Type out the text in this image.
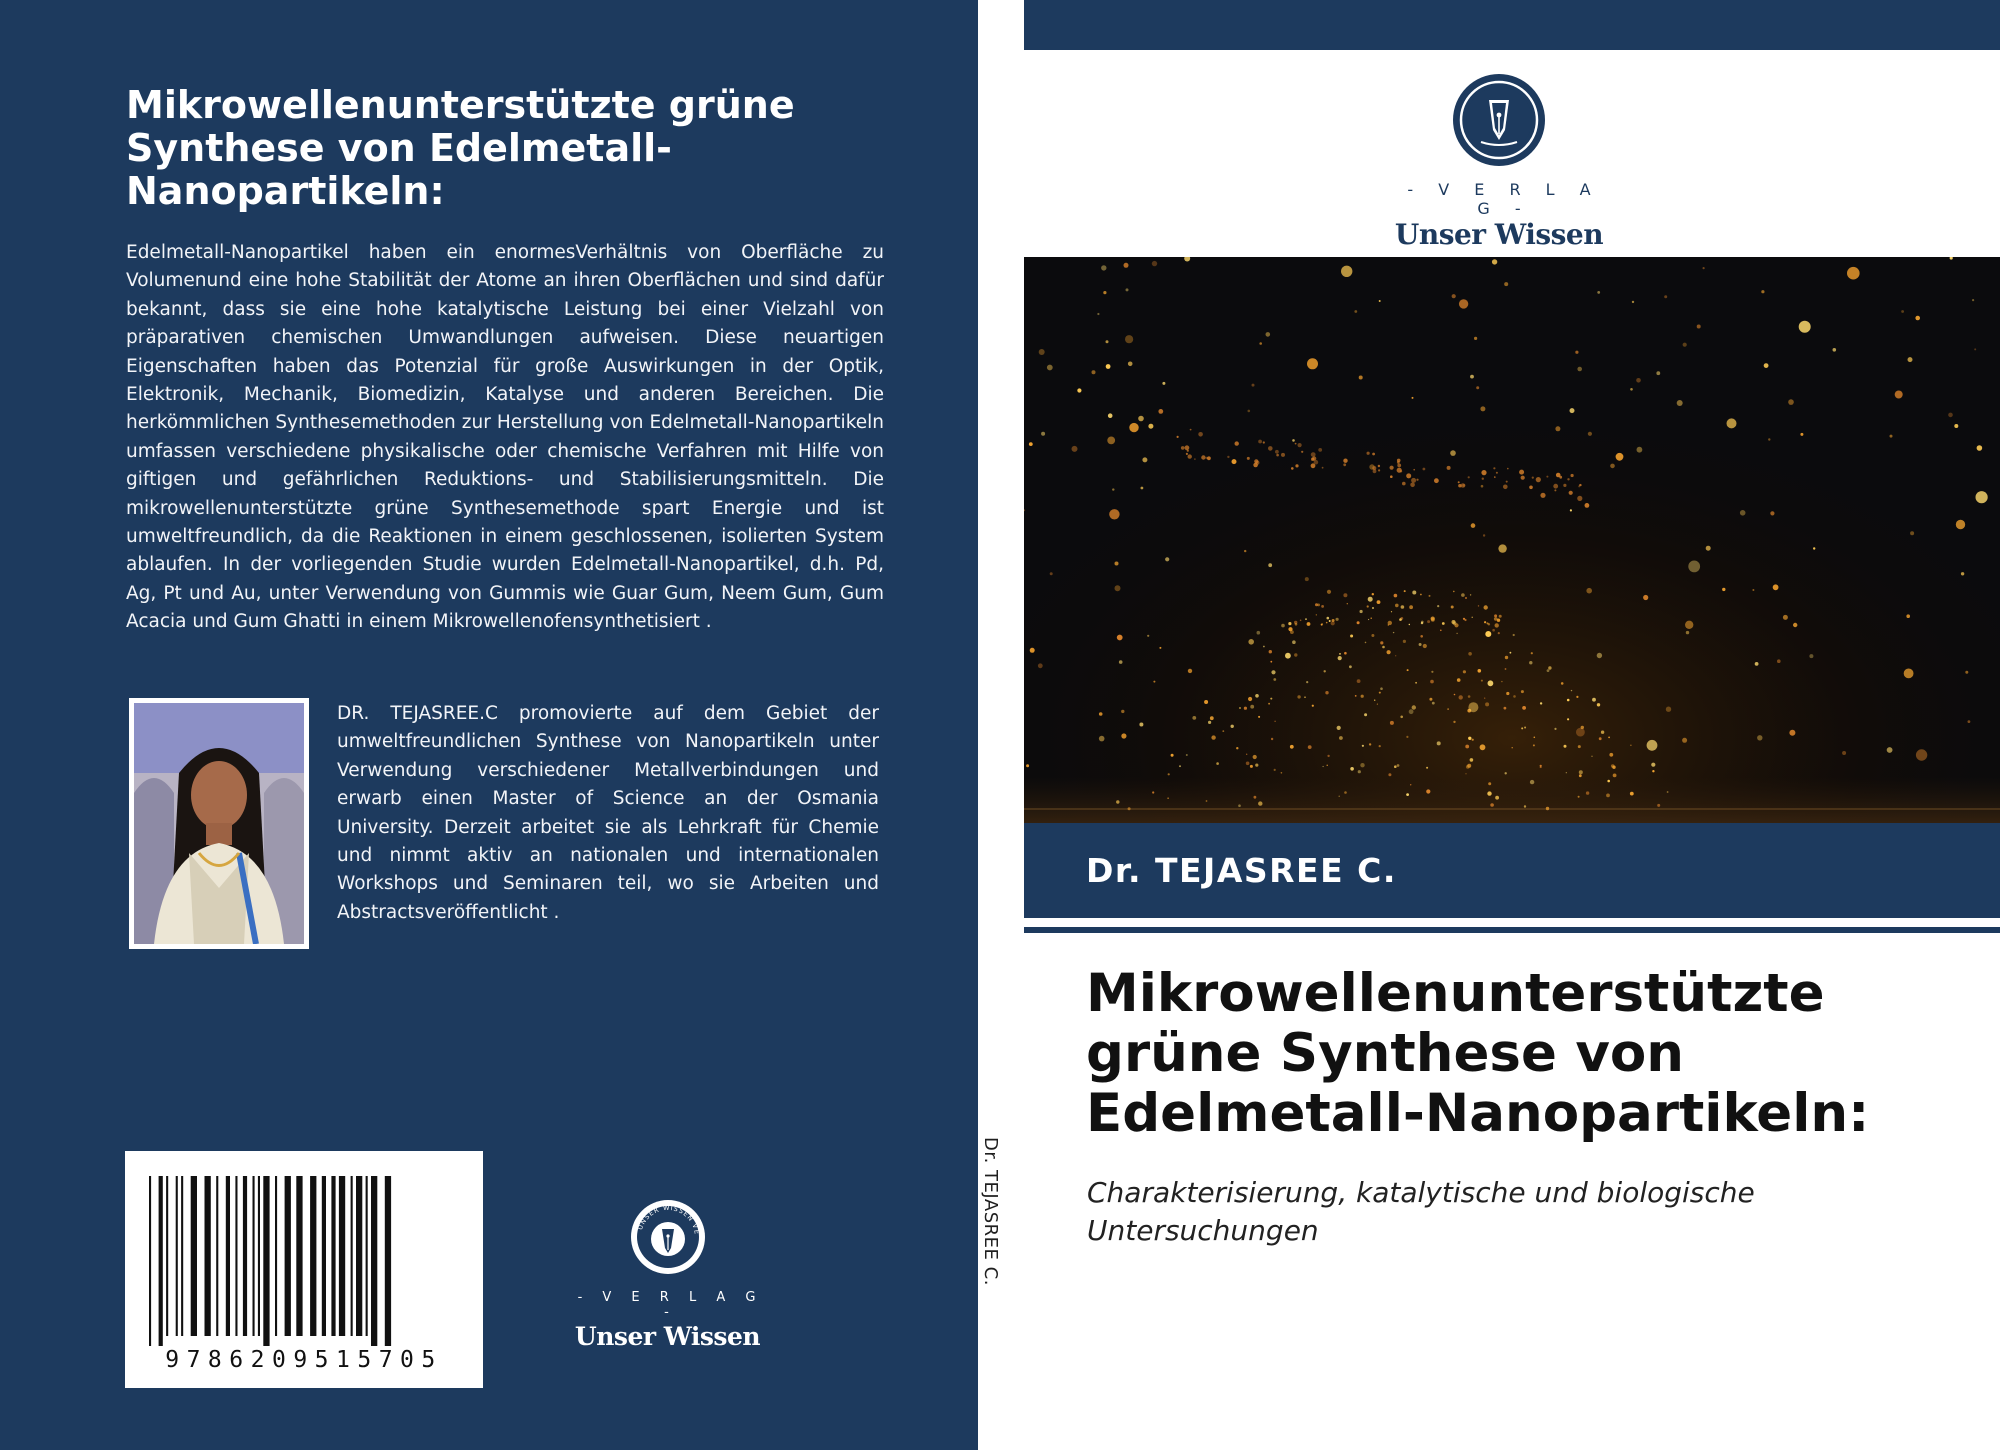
Mikrowellenunterstützte grüne Synthese von Edelmetall-Nanopartikeln:

Edelmetall-Nanopartikel haben ein enormesVerhältnis von Oberfläche zu Volumenund eine hohe Stabilität der Atome an ihren Oberflächen und sind dafür bekannt, dass sie eine hohe katalytische Leistung bei einer Vielzahl von präparativen chemischen Umwandlungen aufweisen. Diese neuartigen Eigenschaften haben das Potenzial für große Auswirkungen in der Optik, Elektronik, Mechanik, Biomedizin, Katalyse und anderen Bereichen. Die herkömmlichen Synthesemethoden zur Herstellung von Edelmetall-Nanopartikeln umfassen verschiedene physikalische oder chemische Verfahren mit Hilfe von giftigen und gefährlichen Reduktions- und Stabilisierungsmitteln. Die mikrowellenunterstützte grüne Synthesemethode spart Energie und ist umweltfreundlich, da die Reaktionen in einem geschlossenen, isolierten System ablaufen. In der vorliegenden Studie wurden Edelmetall-Nanopartikel, d.h. Pd, Ag, Pt und Au, unter Verwendung von Gummis wie Guar Gum, Neem Gum, Gum Acacia und Gum Ghatti in einem Mikrowellenofensynthetisiert .

DR. TEJASREE.C promovierte auf dem Gebiet der umweltfreundlichen Synthese von Nanopartikeln unter Verwendung verschiedener Metallverbindungen und erwarb einen Master of Science an der Osmania University. Derzeit arbeitet sie als Lehrkraft für Chemie und nimmt aktiv an nationalen und internationalen Workshops und Seminaren teil, wo sie Arbeiten und Abstractsveröffentlicht .

9786209515705
UNSER WISSEN VE
- V E R L A G -
Unser Wissen
Dr. TEJASREE C.
- V E R L A G -
Unser Wissen
Dr. TEJASREE C.
Mikrowellenunterstützte grüne Synthese von Edelmetall-Nanopartikeln:
Charakterisierung, katalytische und biologische Untersuchungen
